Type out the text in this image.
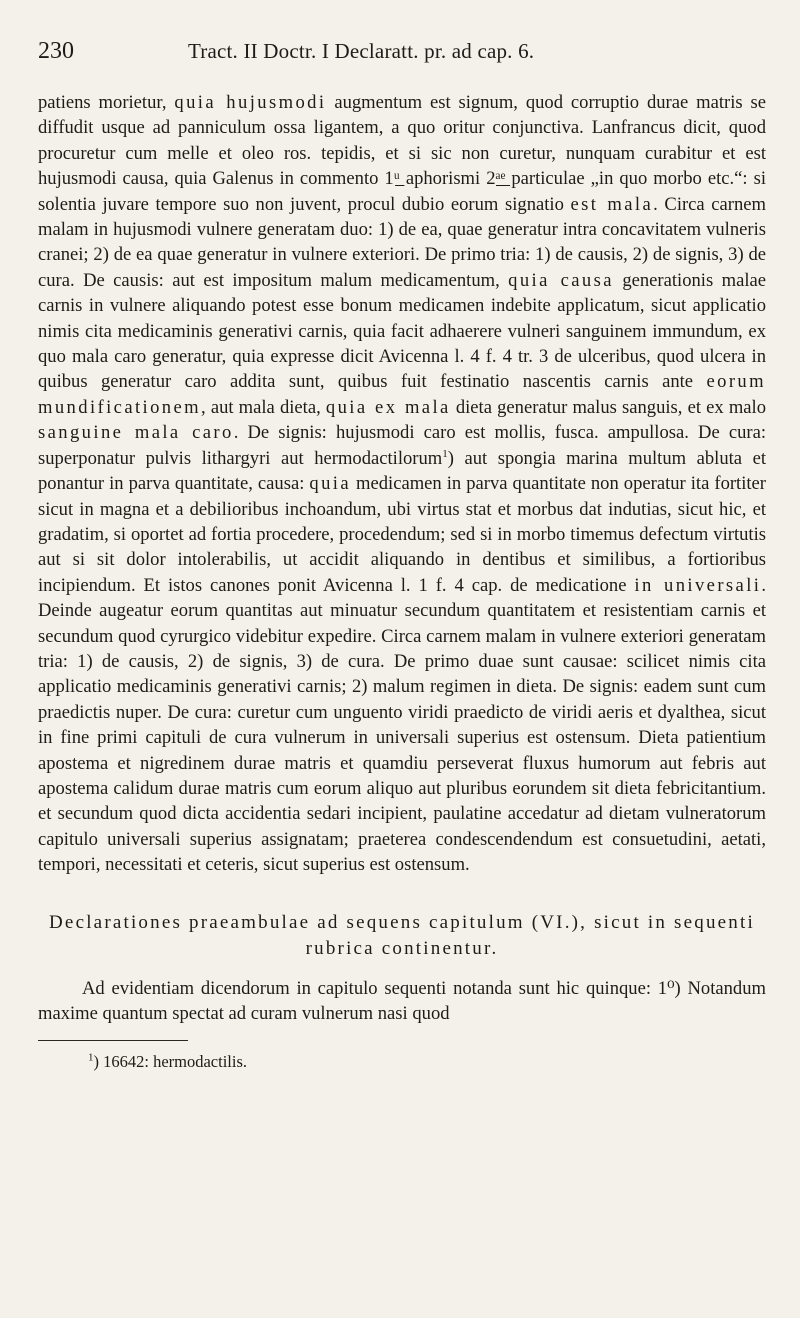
230	Tract. II Doctr. I Declaratt. pr. ad cap. 6.

patiens morietur, quia hujusmodi augmentum est signum, quod corruptio durae matris se diffudit usque ad panniculum ossa ligantem, a quo oritur conjunctiva. Lanfrancus dicit, quod procuretur cum melle et oleo ros. tepidis, et si sic non curetur, nunquam curabitur et est hujusmodi causa, quia Galenus in commento 1ᵘ̲ aphorismi 2ᵃ̲ᵉ̲ particulae „in quo morbo etc.“: si solentia juvare tempore suo non juvent, procul dubio eorum signatio est mala. Circa carnem malam in hujusmodi vulnere generatam duo: 1) de ea, quae generatur intra concavitatem vulneris cranei; 2) de ea quae generatur in vulnere exteriori. De primo tria: 1) de causis, 2) de signis, 3) de cura. De causis: aut est impositum malum medicamentum, quia causa generationis malae carnis in vulnere aliquando potest esse bonum medicamen indebite applicatum, sicut applicatio nimis cita medicaminis generativi carnis, quia facit adhaerere vulneri sanguinem immundum, ex quo mala caro generatur, quia expresse dicit Avicenna l. 4 f. 4 tr. 3 de ulceribus, quod ulcera in quibus generatur caro addita sunt, quibus fuit festinatio nascentis carnis ante eorum mundificationem, aut mala dieta, quia ex mala dieta generatur malus sanguis, et ex malo sanguine mala caro. De signis: hujusmodi caro est mollis, fusca. ampullosa. De cura: superponatur pulvis lithargyri aut hermodactilorum$^1$) aut spongia marina multum abluta et ponantur in parva quantitate, causa: quia medicamen in parva quantitate non operatur ita fortiter sicut in magna et a debilioribus inchoandum, ubi virtus stat et morbus dat indutias, sicut hic, et gradatim, si oportet ad fortia procedere, procedendum; sed si in morbo timemus defectum virtutis aut si sit dolor intolerabilis, ut accidit aliquando in dentibus et similibus, a fortioribus incipiendum. Et istos canones ponit Avicenna l. 1 f. 4 cap. de medicatione in universali. Deinde augeatur eorum quantitas aut minuatur secundum quantitatem et resistentiam carnis et secundum quod cyrurgico videbitur expedire. Circa carnem malam in vulnere exteriori generatam tria: 1) de causis, 2) de signis, 3) de cura. De primo duae sunt causae: scilicet nimis cita applicatio medicaminis generativi carnis; 2) malum regimen in dieta. De signis: eadem sunt cum praedictis nuper. De cura: curetur cum unguento viridi praedicto de viridi aeris et dyalthea, sicut in fine primi capituli de cura vulnerum in universali superius est ostensum. Dieta patientium apostema et nigredinem durae matris et quamdiu perseverat fluxus humorum aut febris aut apostema calidum durae matris cum eorum aliquo aut pluribus eorundem sit dieta febricitantium. et secundum quod dicta accidentia sedari incipient, paulatine accedatur ad dietam vulneratorum capitulo universali superius assignatam; praeterea condescendendum est consuetudini, aetati, tempori, necessitati et ceteris, sicut superius est ostensum.

Declarationes praeambulae ad sequens capitulum (VI.), sicut in sequenti rubrica continentur.
Ad evidentiam dicendorum in capitulo sequenti notanda sunt hic quinque: 1⁰) Notandum maxime quantum spectat ad curam vulnerum nasi quod
$^1$) 16642: hermodactilis.
